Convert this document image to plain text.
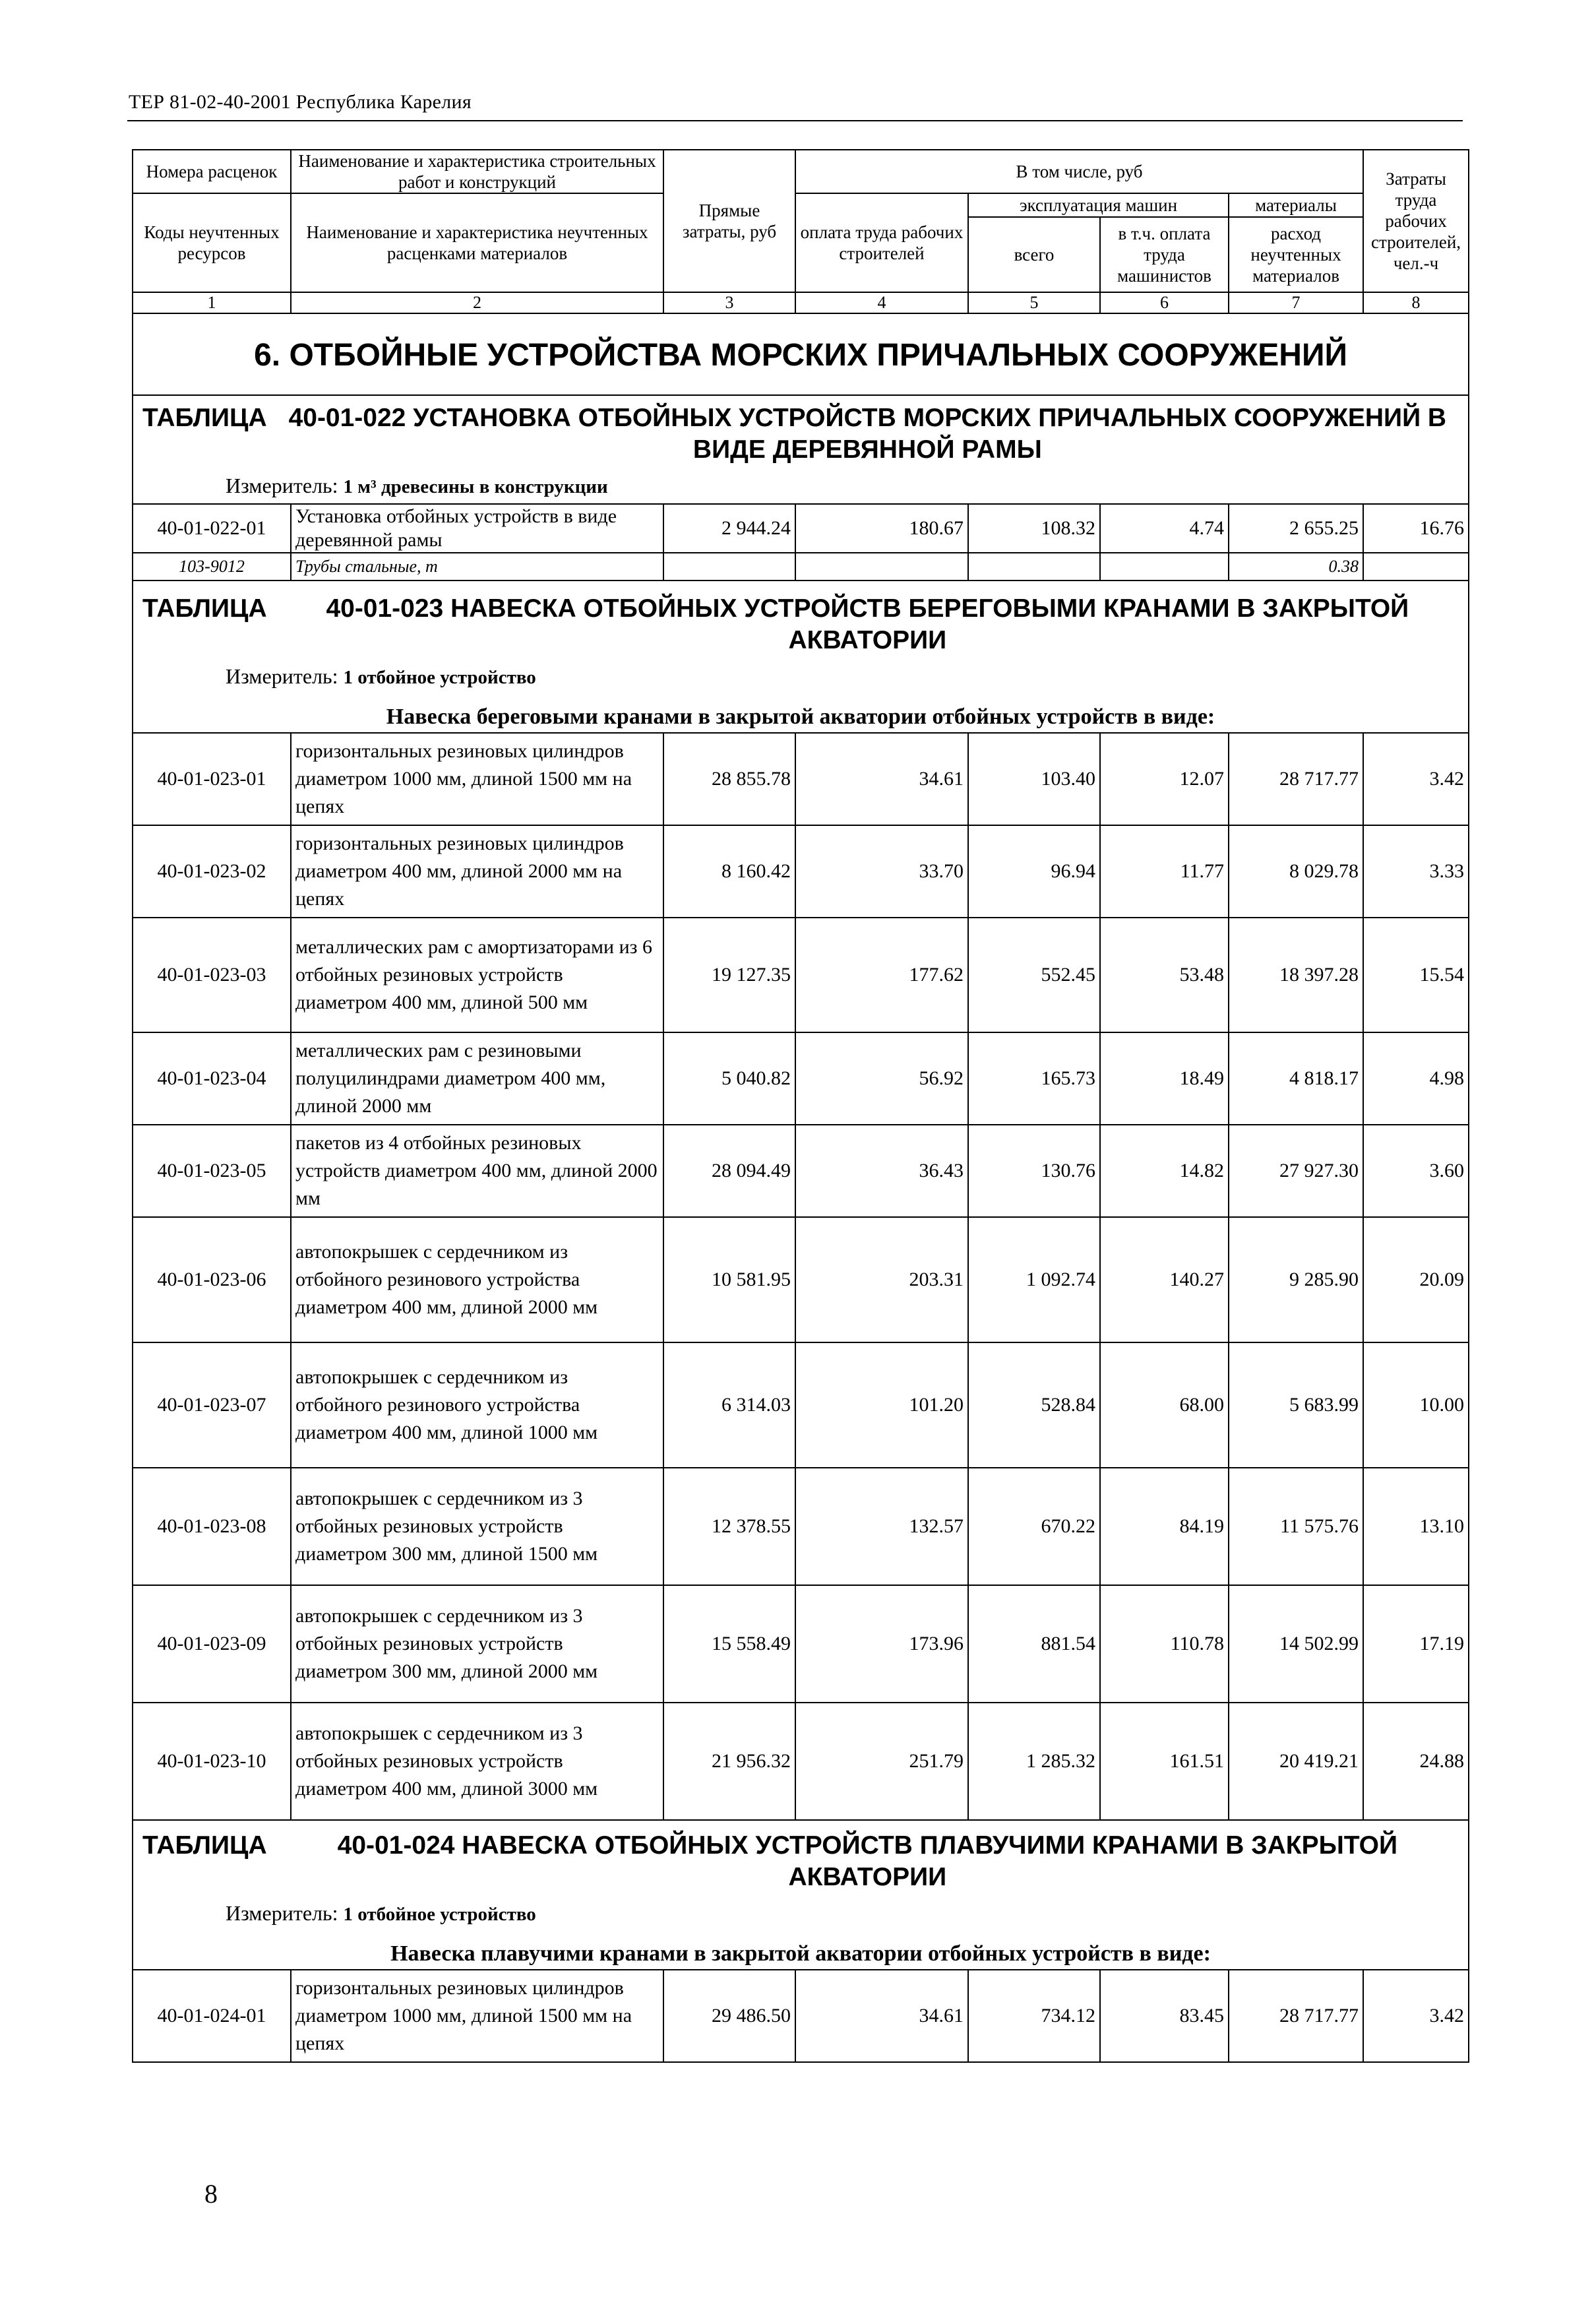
ТЕР 81-02-40-2001 Республика Карелия
Номера расценок	Наименование и характеристика строительных работ и конструкций	Прямые затраты, руб	В том числе, руб				Затраты труда рабочих строителей, чел.-ч
Коды неучтенных ресурсов	Наименование и характеристика неучтенных расценками материалов		оплата труда рабочих строителей	эксплуатация машин		материалы	
				всего	в т.ч. оплата труда машинистов	расход неучтенных материалов	
1	2	3	4	5	6	7	8
6. ОТБОЙНЫЕ УСТРОЙСТВА МОРСКИХ ПРИЧАЛЬНЫХ СООРУЖЕНИЙ							

ТАБЛИЦА 40-01-022 УСТАНОВКА ОТБОЙНЫХ УСТРОЙСТВ МОРСКИХ ПРИЧАЛЬНЫХ СООРУЖЕНИЙ В ВИДЕ ДЕРЕВЯННОЙ РАМЫ							

Измеритель: 1 м³ древесины в конструкции							
40-01-022-01	Установка отбойных устройств в виде деревянной рамы	2 944.24	180.67	108.32	4.74	2 655.25	16.76
103-9012	Трубы стальные, т					0.38	

ТАБЛИЦА 40-01-023 НАВЕСКА ОТБОЙНЫХ УСТРОЙСТВ БЕРЕГОВЫМИ КРАНАМИ В ЗАКРЫТОЙ АКВАТОРИИ							

Измеритель: 1 отбойное устройство							
Навеска береговыми кранами в закрытой акватории отбойных устройств в виде:							
40-01-023-01	горизонтальных резиновых цилиндров диаметром 1000 мм, длиной 1500 мм на цепях	28 855.78	34.61	103.40	12.07	28 717.77	3.42
40-01-023-02	горизонтальных резиновых цилиндров диаметром 400 мм, длиной 2000 мм на цепях	8 160.42	33.70	96.94	11.77	8 029.78	3.33
40-01-023-03	металлических рам с амортизаторами из 6 отбойных резиновых устройств диаметром 400 мм, длиной 500 мм	19 127.35	177.62	552.45	53.48	18 397.28	15.54
40-01-023-04	металлических рам с резиновыми полуцилиндрами диаметром 400 мм, длиной 2000 мм	5 040.82	56.92	165.73	18.49	4 818.17	4.98
40-01-023-05	пакетов из 4 отбойных резиновых устройств диаметром 400 мм, длиной 2000 мм	28 094.49	36.43	130.76	14.82	27 927.30	3.60
40-01-023-06	автопокрышек с сердечником из отбойного резинового устройства диаметром 400 мм, длиной 2000 мм	10 581.95	203.31	1 092.74	140.27	9 285.90	20.09
40-01-023-07	автопокрышек с сердечником из отбойного резинового устройства диаметром 400 мм, длиной 1000 мм	6 314.03	101.20	528.84	68.00	5 683.99	10.00
40-01-023-08	автопокрышек с сердечником из 3 отбойных резиновых устройств диаметром 300 мм, длиной 1500 мм	12 378.55	132.57	670.22	84.19	11 575.76	13.10
40-01-023-09	автопокрышек с сердечником из 3 отбойных резиновых устройств диаметром 300 мм, длиной 2000 мм	15 558.49	173.96	881.54	110.78	14 502.99	17.19
40-01-023-10	автопокрышек с сердечником из 3 отбойных резиновых устройств диаметром 400 мм, длиной 3000 мм	21 956.32	251.79	1 285.32	161.51	20 419.21	24.88

ТАБЛИЦА 40-01-024 НАВЕСКА ОТБОЙНЫХ УСТРОЙСТВ ПЛАВУЧИМИ КРАНАМИ В ЗАКРЫТОЙ АКВАТОРИИ							

Измеритель: 1 отбойное устройство							
Навеска плавучими кранами в закрытой акватории отбойных устройств в виде:							
40-01-024-01	горизонтальных резиновых цилиндров диаметром 1000 мм, длиной 1500 мм на цепях	29 486.50	34.61	734.12	83.45	28 717.77	3.42
8
